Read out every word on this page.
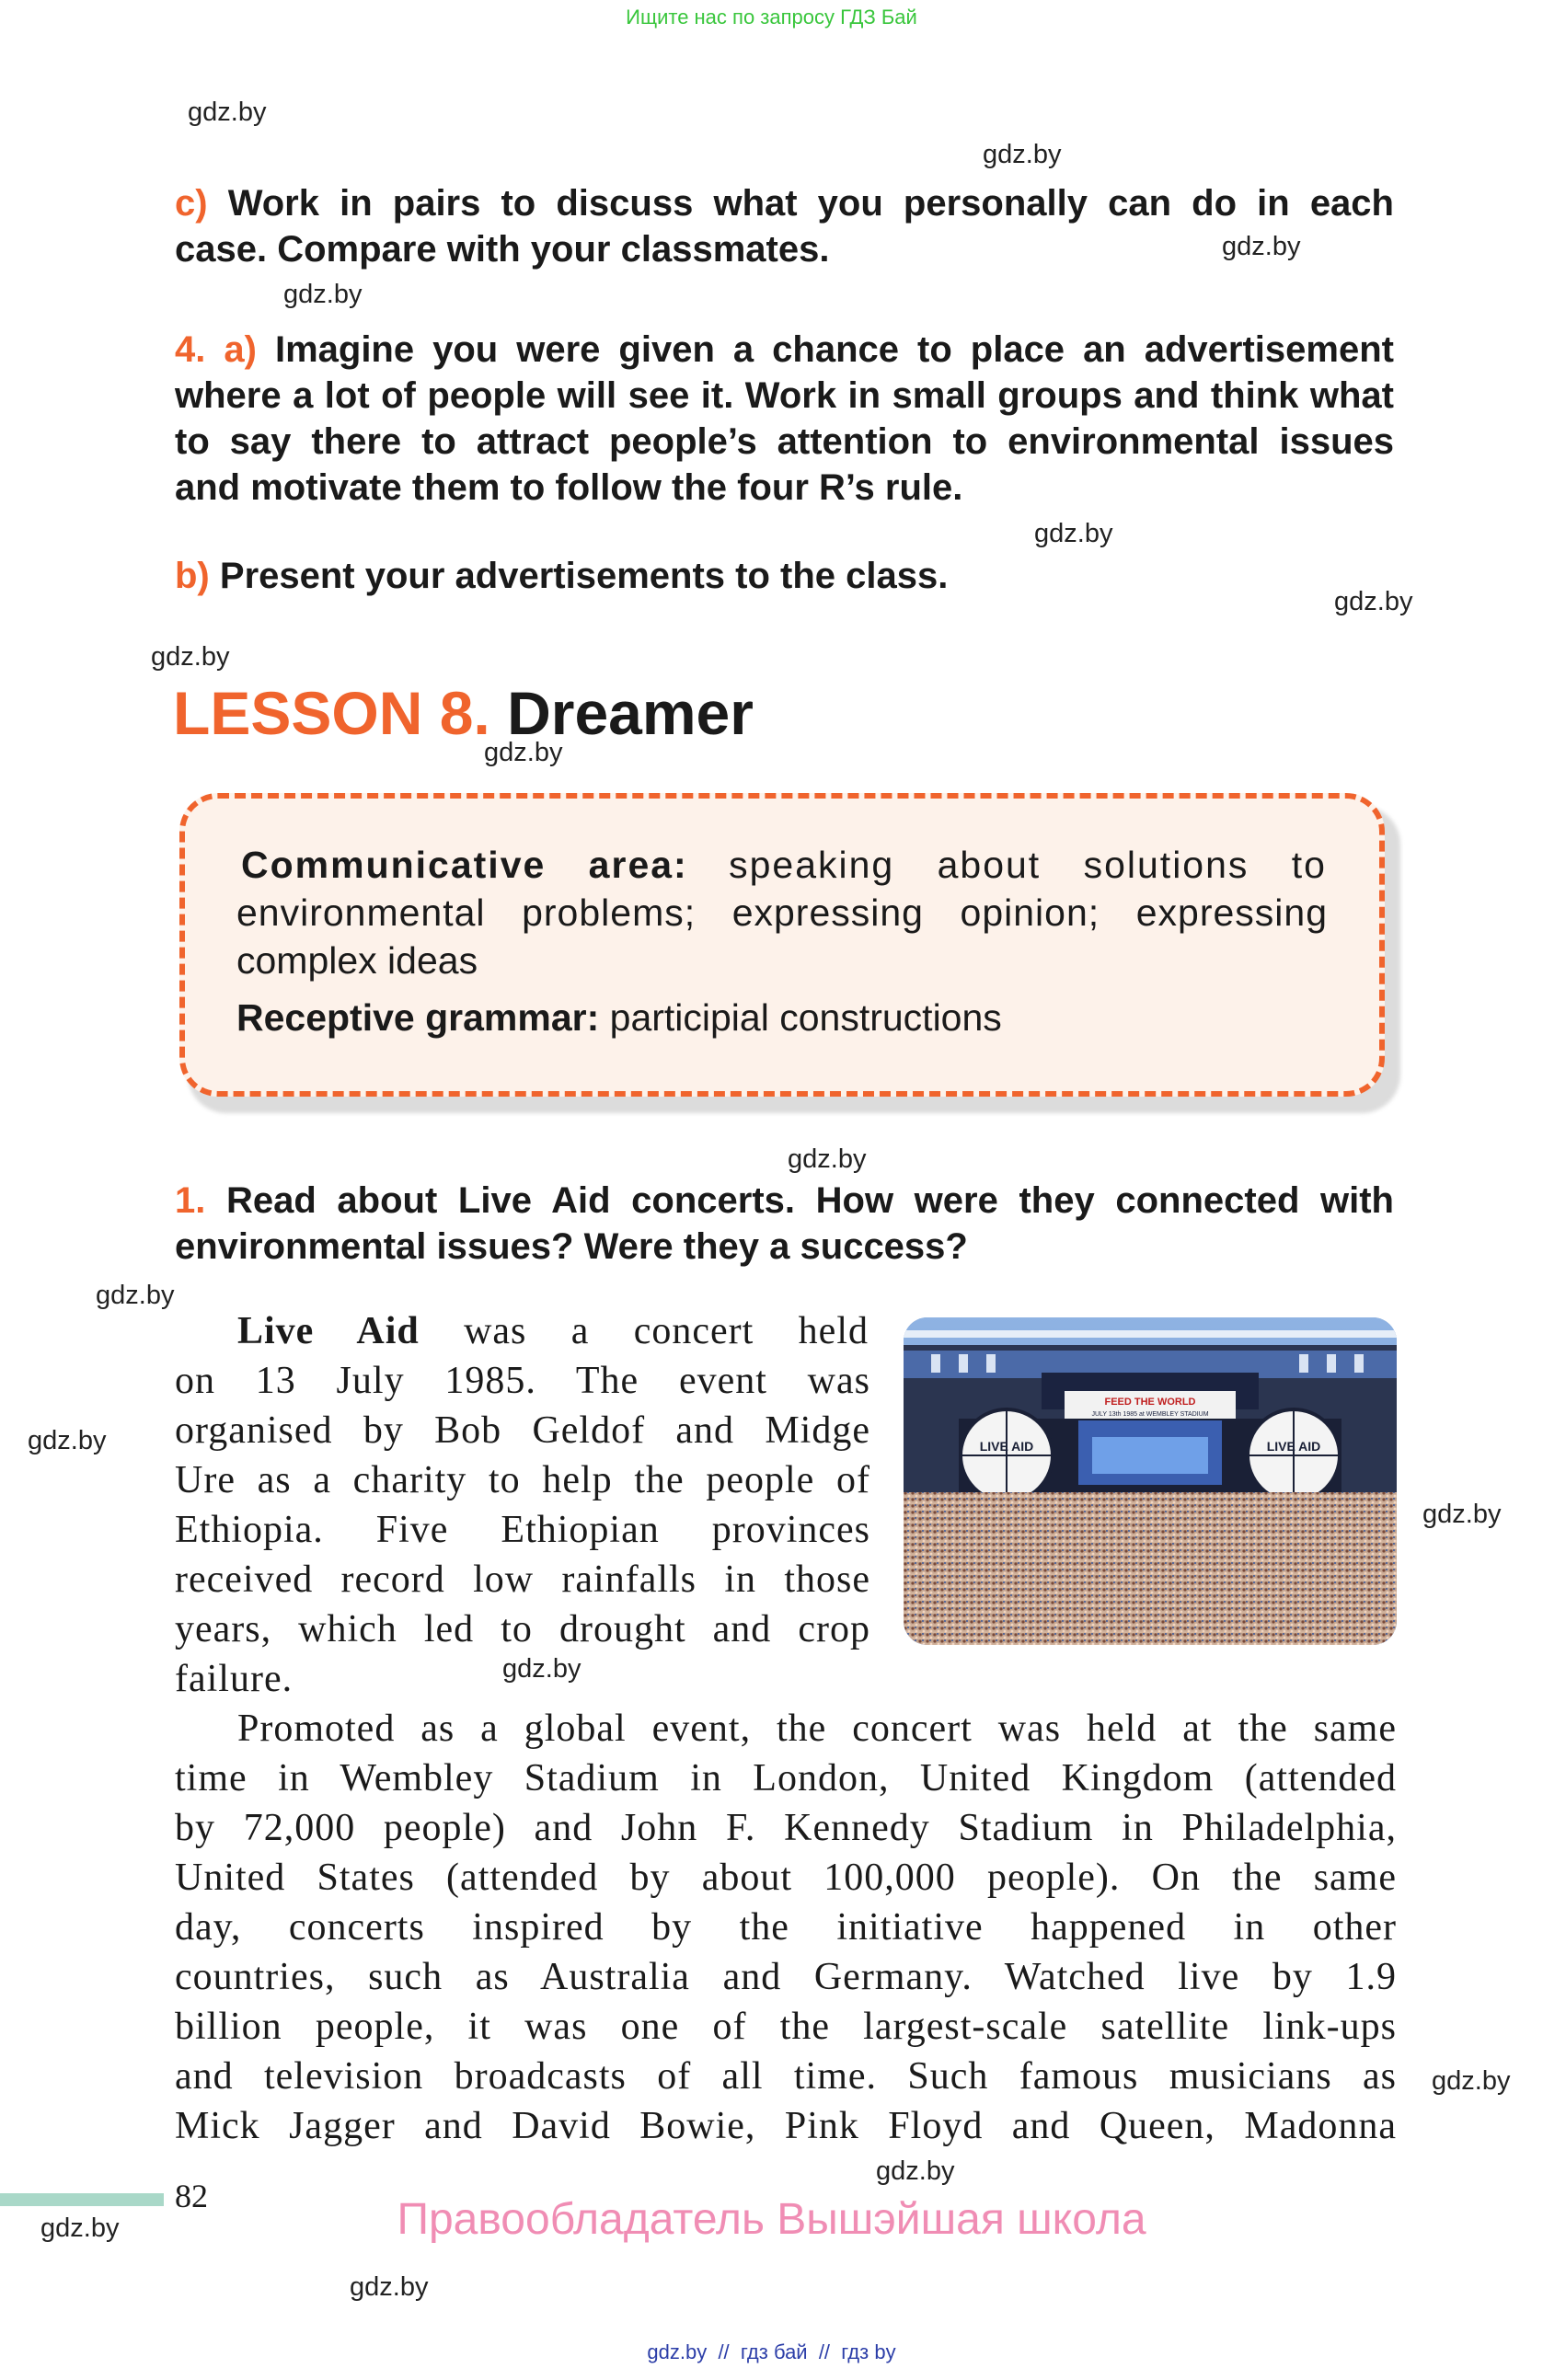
Ищите нас по запросу ГДЗ Бай
gdz.by
gdz.by
gdz.by
gdz.by
gdz.by
gdz.by
gdz.by
gdz.by
gdz.by
gdz.by
gdz.by
gdz.by
gdz.by
gdz.by
gdz.by
gdz.by
gdz.by
c) Work in pairs to discuss what you personally can do in each
case. Compare with your classmates.
4. a) Imagine you were given a chance to place an advertisement
where a lot of people will see it. Work in small groups and think what
to say there to attract people’s attention to environmental issues
and motivate them to follow the four R’s rule.
b) Present your advertisements to the class.
LESSON 8. Dreamer
Communicative area: speaking about solutions to
environmental problems; expressing opinion; expressing
complex ideas
Receptive grammar: participial constructions
1. Read about Live Aid concerts. How were they connected with
environmental issues? Were they a success?
FEED THE WORLD
JULY 13th 1985 at WEMBLEY STADIUM
LIVE AID	LIVE AID
Live Aid was a concert held
on 13 July 1985. The event was
organised by Bob Geldof and Midge
Ure as a charity to help the people of
Ethiopia. Five Ethiopian provinces
received record low rainfalls in those
years, which led to drought and crop
failure.
Promoted as a global event, the concert was held at the same
time in Wembley Stadium in London, United Kingdom (attended
by 72,000 people) and John F. Kennedy Stadium in Philadelphia,
United States (attended by about 100,000 people). On the same
day, concerts inspired by the initiative happened in other
countries, such as Australia and Germany. Watched live by 1.9
billion people, it was one of the largest-scale satellite link-ups
and television broadcasts of all time. Such famous musicians as
Mick Jagger and David Bowie, Pink Floyd and Queen, Madonna
82	Правообладатель Вышэйшая школа
gdz.by  //  гдз бай  //  гдз by
